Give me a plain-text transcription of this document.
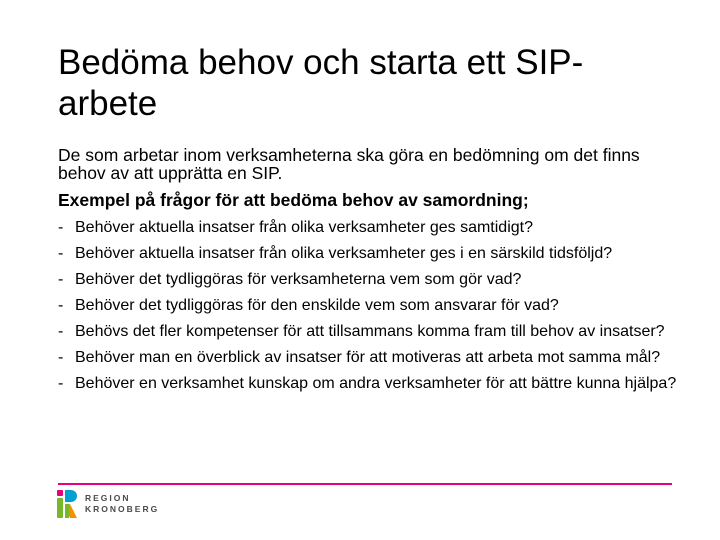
Bedöma behov och starta ett SIP-arbete

De som arbetar inom verksamheterna ska göra en bedömning om det finns behov av att upprätta en SIP.

Exempel på frågor för att bedöma behov av samordning;

- Behöver aktuella insatser från olika verksamheter ges samtidigt?
- Behöver aktuella insatser från olika verksamheter ges i en särskild tidsföljd?
- Behöver det tydliggöras för verksamheterna vem som gör vad?
- Behöver det tydliggöras för den enskilde vem som ansvarar för vad?
- Behövs det fler kompetenser för att tillsammans komma fram till behov av insatser?
- Behöver man en överblick av insatser för att motiveras att arbeta mot samma mål?
- Behöver en verksamhet kunskap om andra verksamheter för att bättre kunna hjälpa?
REGION
KRONOBERG
